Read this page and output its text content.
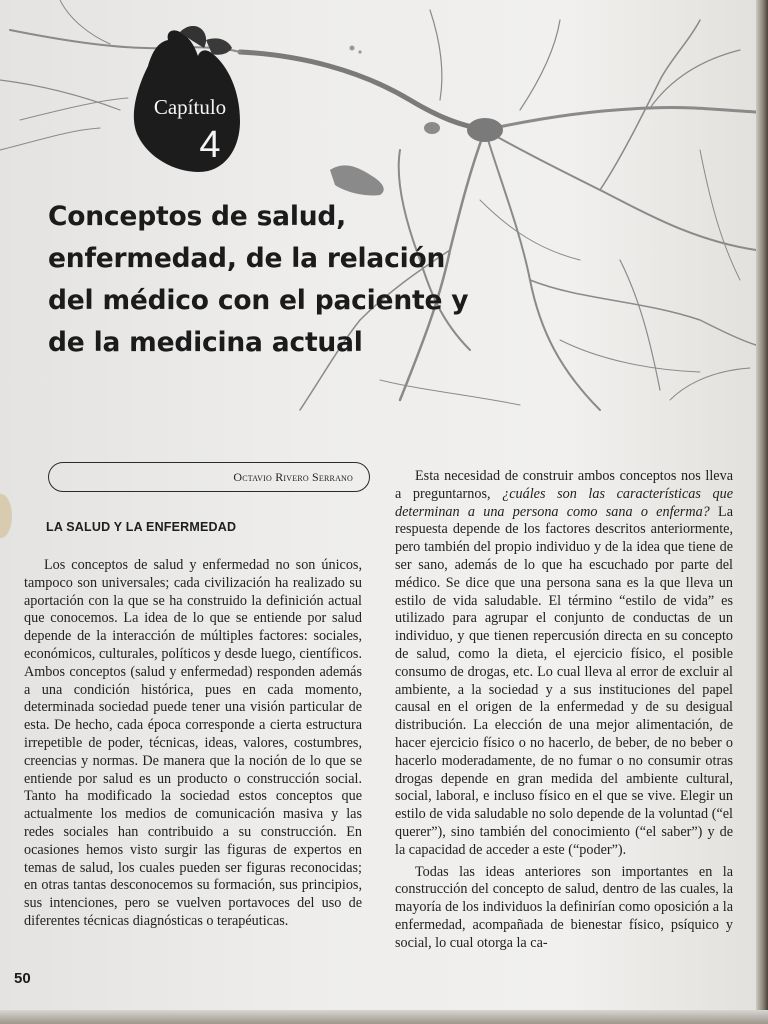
Capítulo
4
Conceptos de salud, enfermedad, de la relación del médico con el paciente y de la medicina actual
Octavio Rivero Serrano
LA SALUD Y LA ENFERMEDAD

Los conceptos de salud y enfermedad no son únicos, tampoco son universales; cada civilización ha realizado su aportación con la que se ha construido la definición actual que conocemos. La idea de lo que se entiende por salud depende de la interacción de múltiples factores: sociales, económicos, culturales, políticos y desde luego, científicos. Ambos conceptos (salud y enfermedad) responden además a una condición histórica, pues en cada momento, determinada sociedad puede tener una visión particular de esta. De hecho, cada época corresponde a cierta estructura irrepetible de poder, técnicas, ideas, valores, costumbres, creencias y normas. De manera que la noción de lo que se entiende por salud es un producto o construcción social. Tanto ha modificado la sociedad estos conceptos que actualmente los medios de comunicación masiva y las redes sociales han contribuido a su construcción. En ocasiones hemos visto surgir las figuras de expertos en temas de salud, los cuales pueden ser figuras reconocidas; en otras tantas desconocemos su formación, sus principios, sus intenciones, pero se vuelven portavoces del uso de diferentes técnicas diagnósticas o terapéuticas.

Esta necesidad de construir ambos conceptos nos lleva a preguntarnos, ¿cuáles son las características que determinan a una persona como sana o enferma? La respuesta depende de los factores descritos anteriormente, pero también del propio individuo y de la idea que tiene de ser sano, además de lo que ha escuchado por parte del médico. Se dice que una persona sana es la que lleva un estilo de vida saludable. El término “estilo de vida” es utilizado para agrupar el conjunto de conductas de un individuo, y que tienen repercusión directa en su concepto de salud, como la dieta, el ejercicio físico, el posible consumo de drogas, etc. Lo cual lleva al error de excluir al ambiente, a la sociedad y a sus instituciones del papel causal en el origen de la enfermedad y de su desigual distribución. La elección de una mejor alimentación, de hacer ejercicio físico o no hacerlo, de beber, de no beber o hacerlo moderadamente, de no fumar o no consumir otras drogas depende en gran medida del ambiente cultural, social, laboral, e incluso físico en el que se vive. Elegir un estilo de vida saludable no solo depende de la voluntad (“el querer”), sino también del conocimiento (“el saber”) y de la capacidad de acceder a este (“poder”).

Todas las ideas anteriores son importantes en la construcción del concepto de salud, dentro de las cuales, la mayoría de los individuos la definirían como oposición a la enfermedad, acompañada de bienestar físico, psíquico y social, lo cual otorga la ca-

50
